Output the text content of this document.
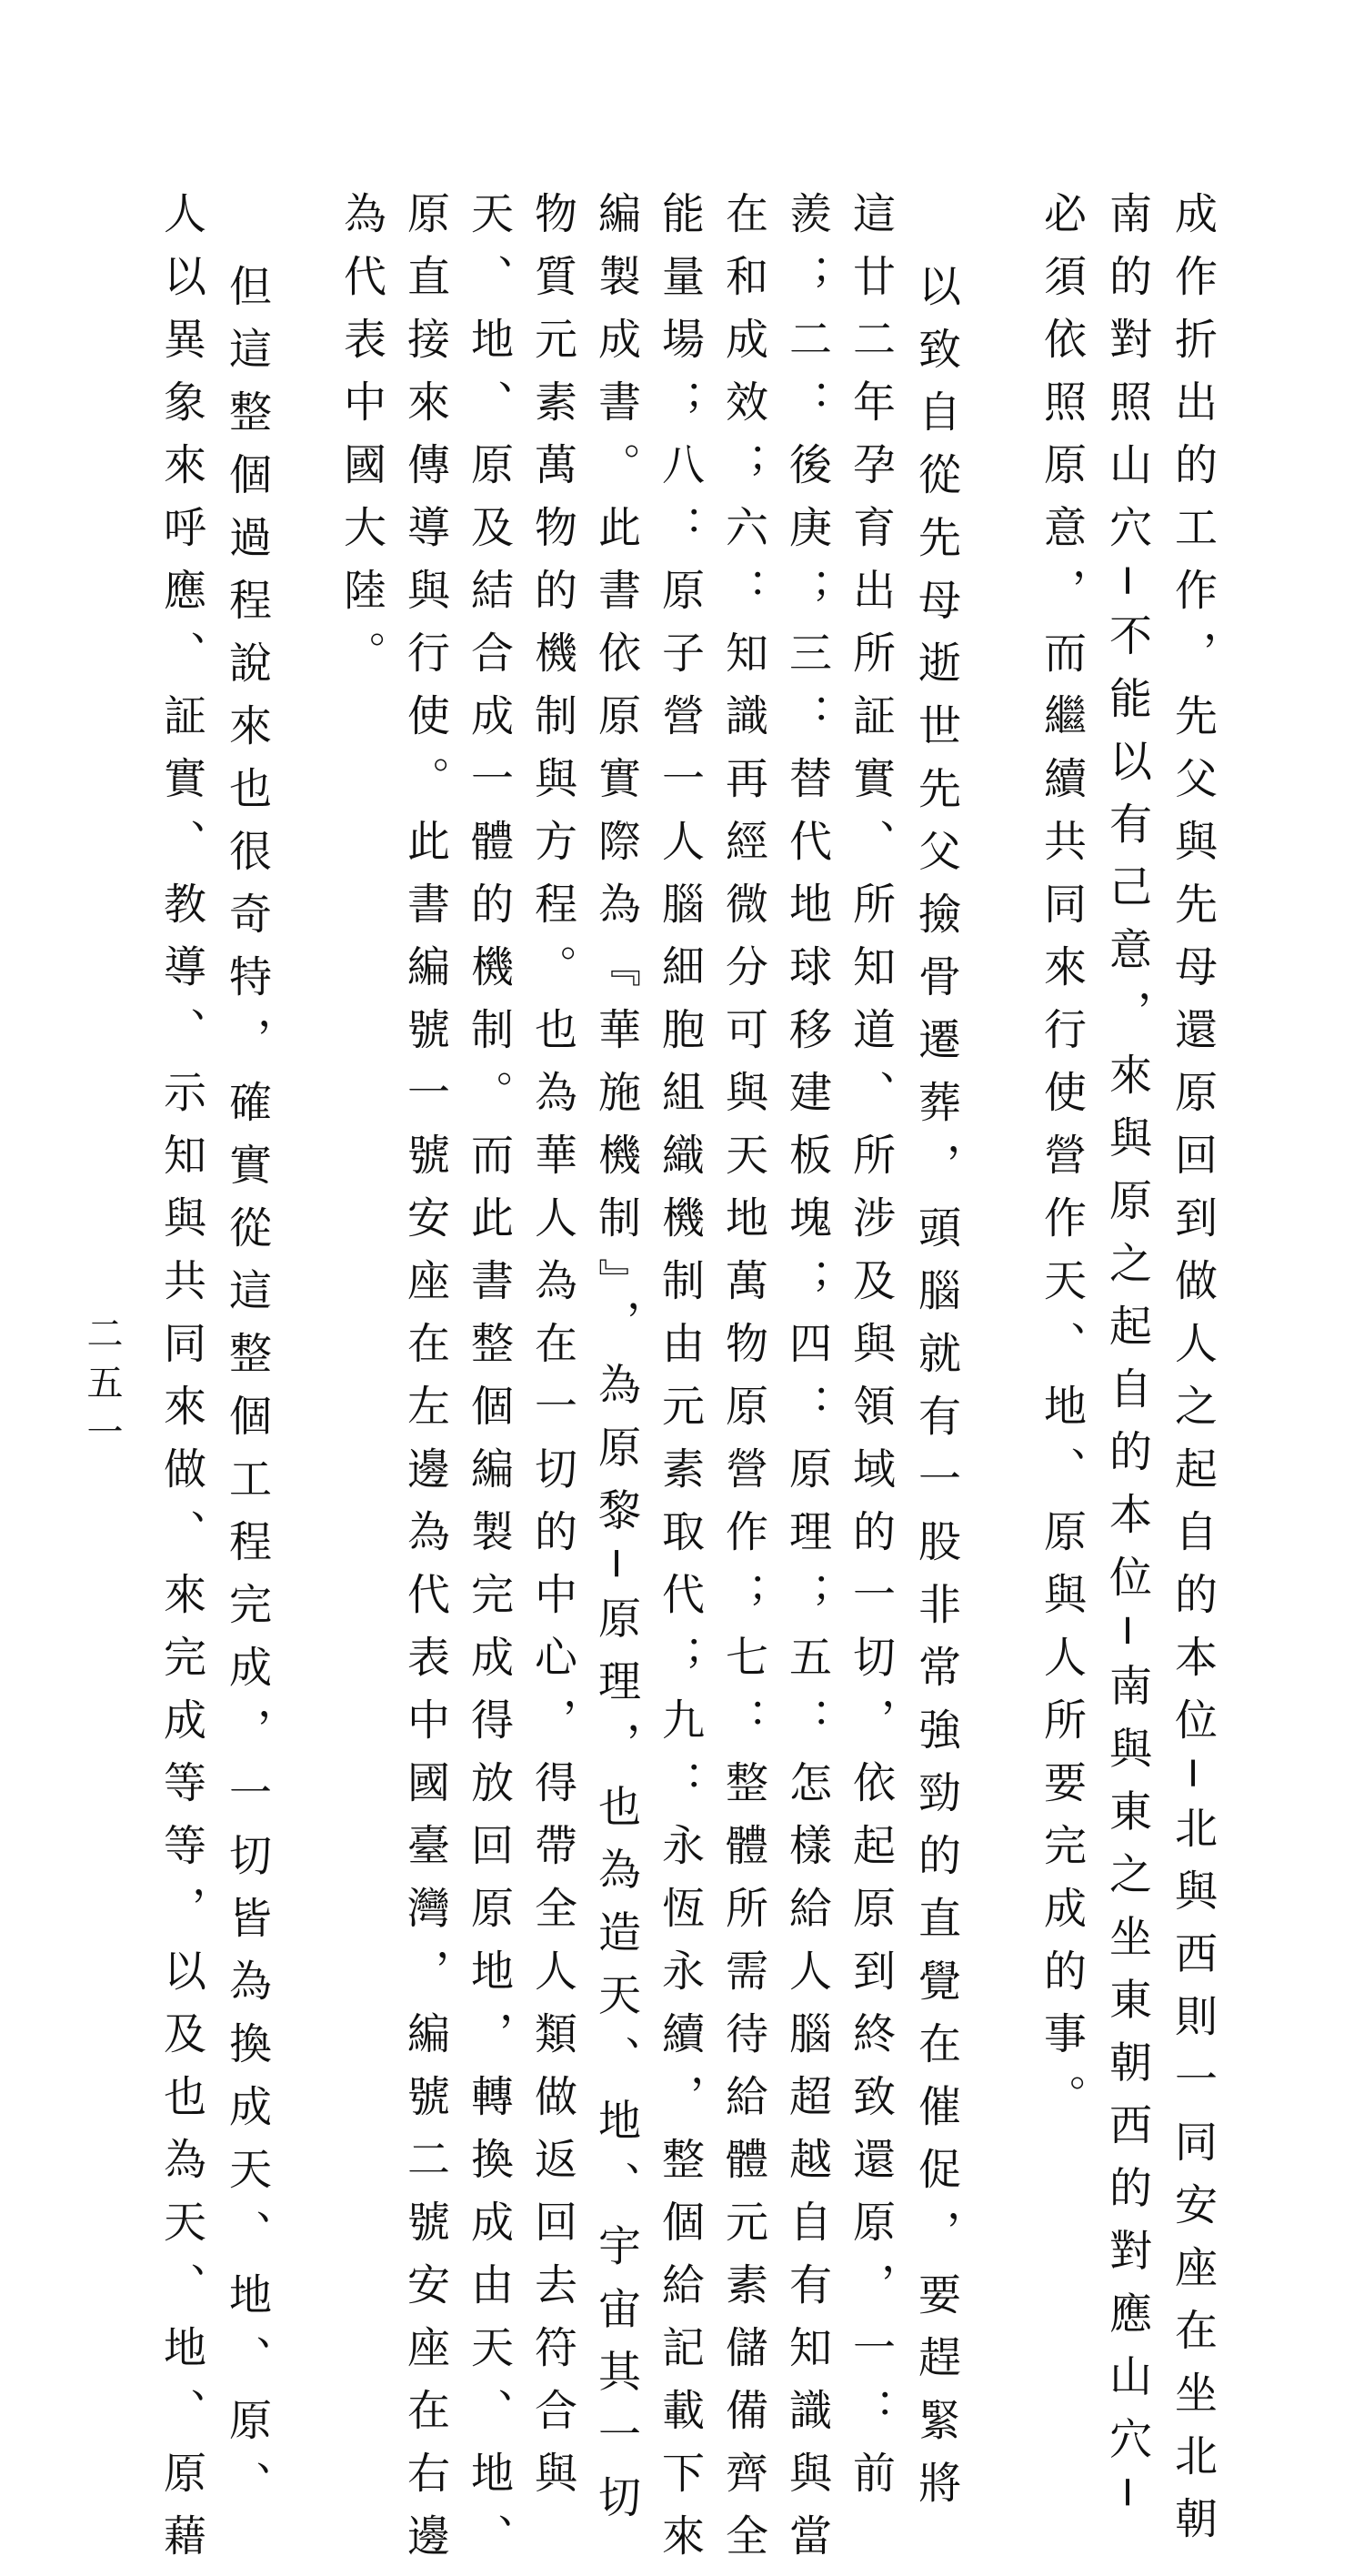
成作折出的工作，先父與先母還原回到做人之起自的本位─北與西則一同安座在坐北朝
南的對照山穴─不能以有己意，來與原之起自的本位─南與東之坐東朝西的對應山穴─
必須依照原意，而繼續共同來行使營作天、地、原與人所要完成的事。
以致自從先母逝世先父撿骨遷葬，頭腦就有一股非常強勁的直覺在催促，要趕緊將
這廿二年孕育出所証實、所知道、所涉及與領域的一切，依起原到終致還原，一：前
羨；二：後庚；三：替代地球移建板塊；四：原理；五：怎樣給人腦超越自有知識與當
在和成效；六：知識再經微分可與天地萬物原營作；七：整體所需待給體元素儲備齊全
能量場；八：原子營一人腦細胞組織機制由元素取代；九：永恆永續，整個給記載下來
編製成書。此書依原實際為『華施機制』，為原黎─原理，也為造天、地、宇宙其一切
物質元素萬物的機制與方程。也為華人為在一切的中心，得帶全人類做返回去符合與
天、地、原及結合成一體的機制。而此書整個編製完成得放回原地，轉換成由天、地、
原直接來傳導與行使。此書編號一號安座在左邊為代表中國臺灣，編號二號安座在右邊
為代表中國大陸。
但這整個過程說來也很奇特，確實從這整個工程完成，一切皆為換成天、地、原、
人以異象來呼應、証實、教導、示知與共同來做、來完成等等，以及也為天、地、原藉
二五一
